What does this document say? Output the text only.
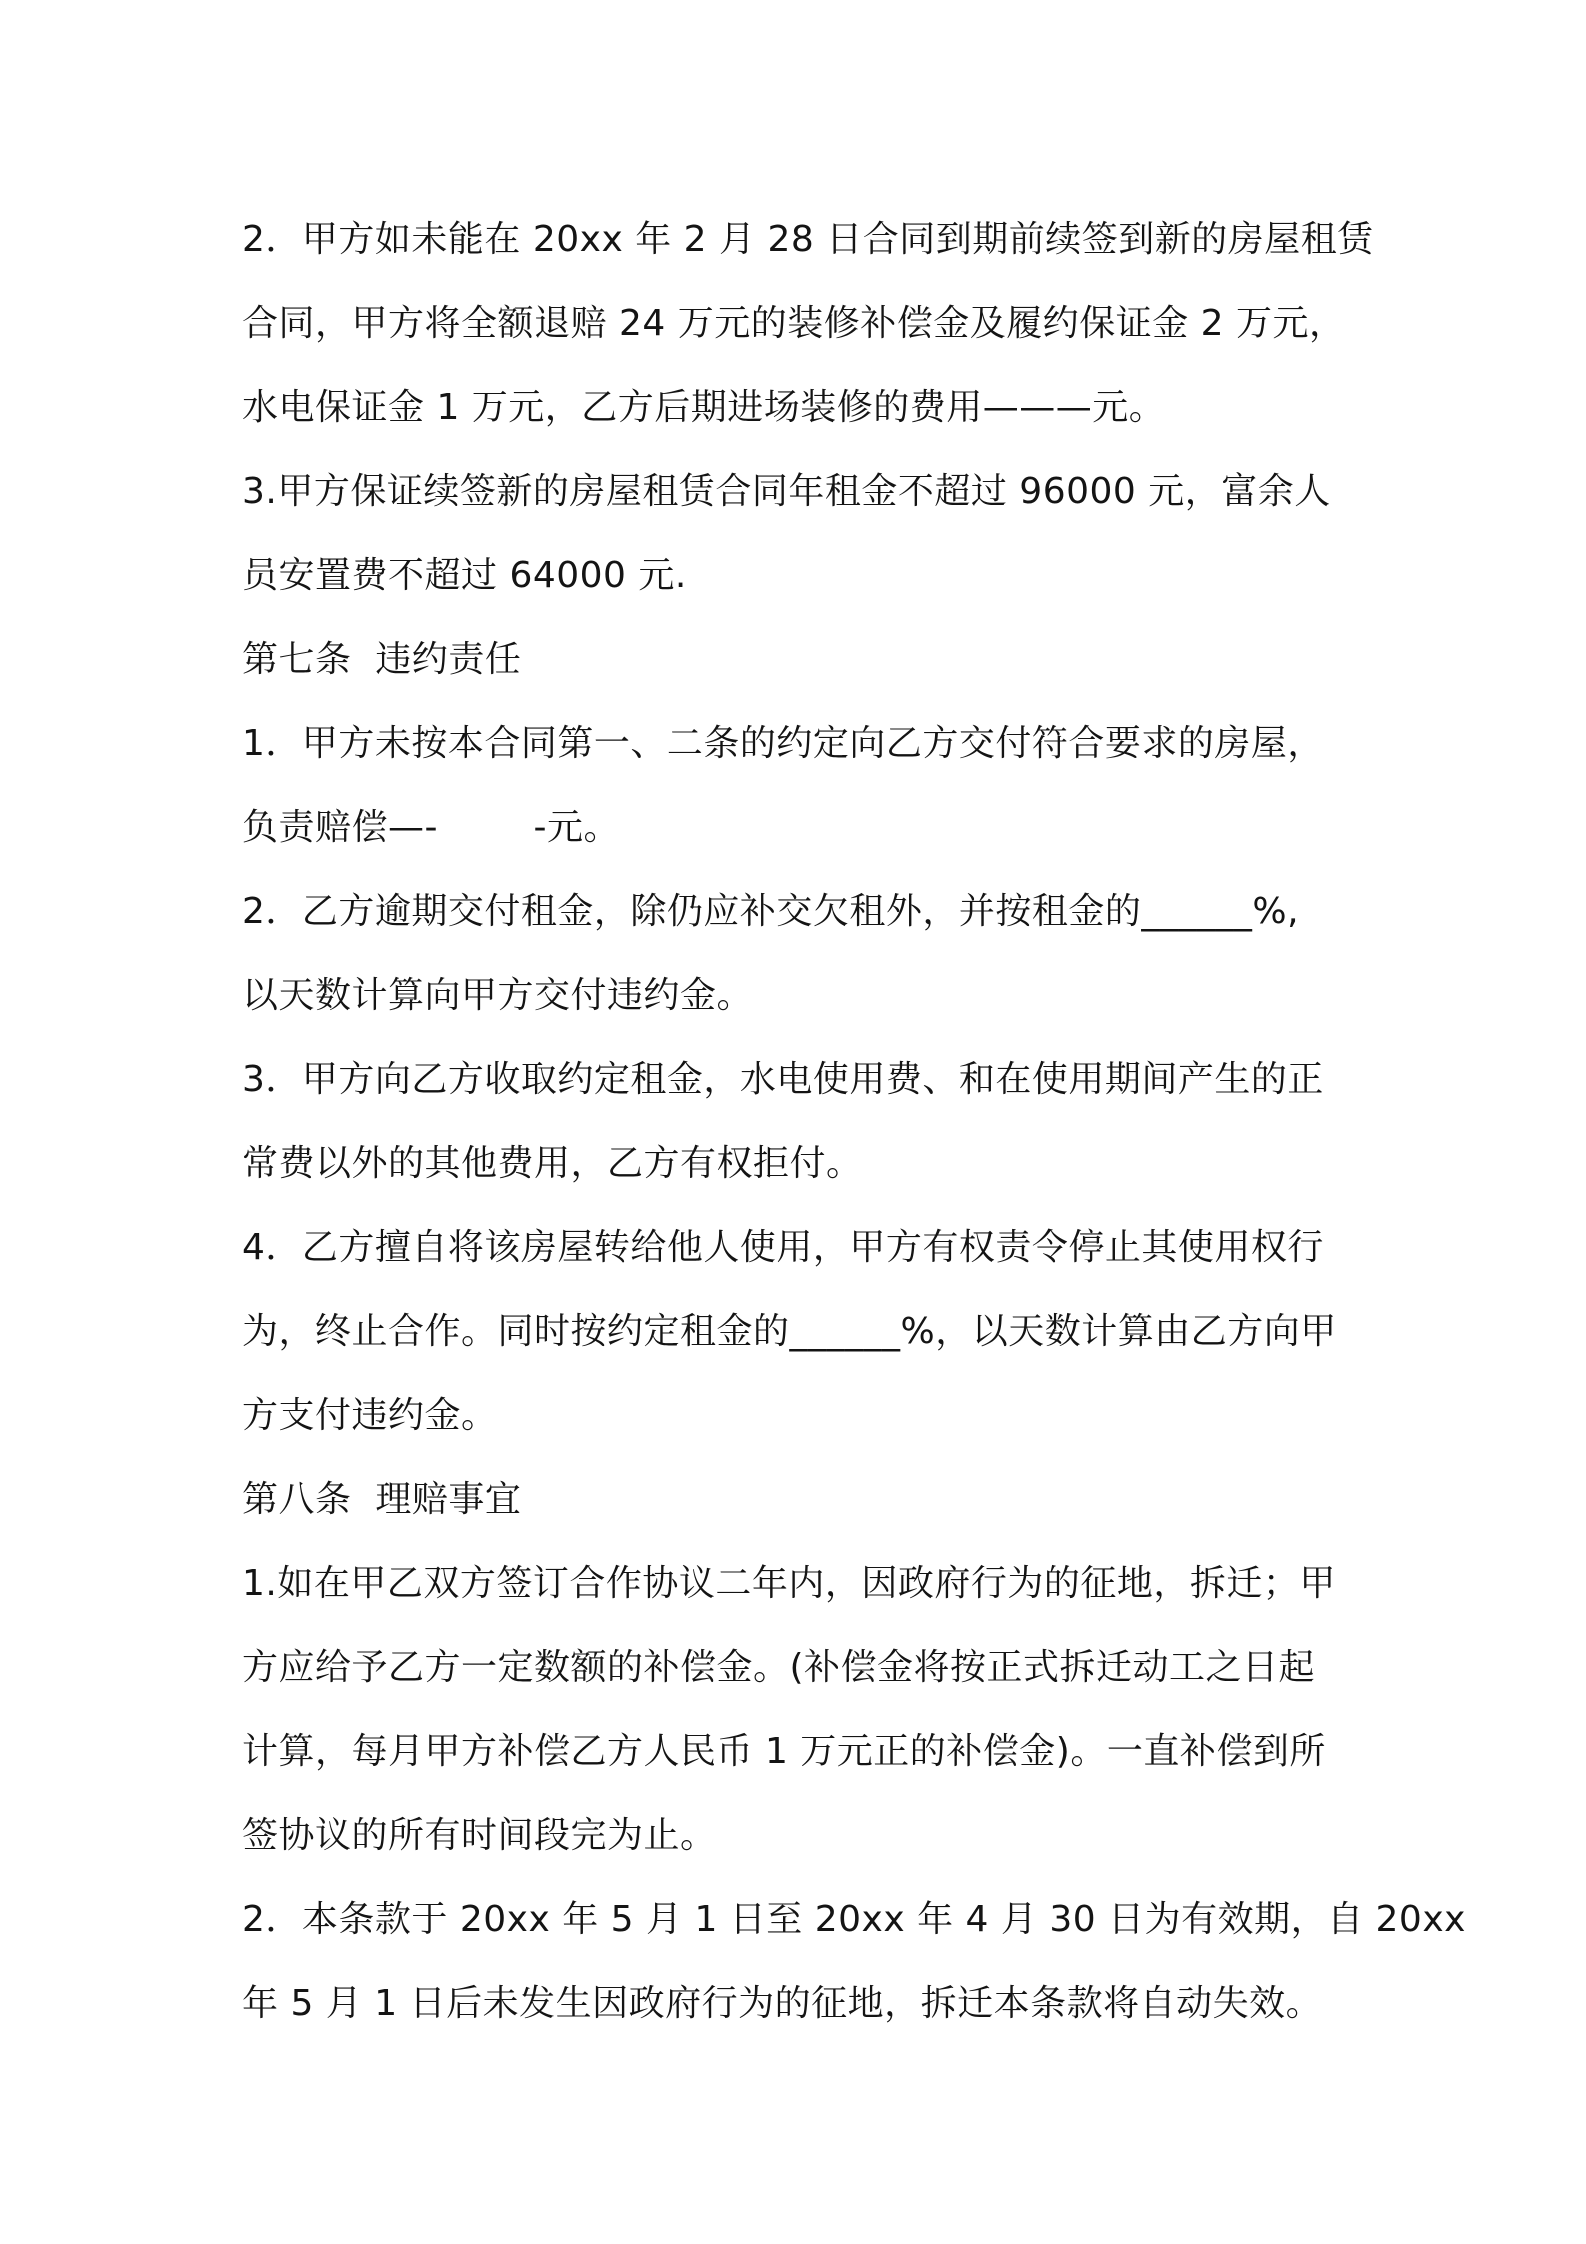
2．甲方如未能在 20xx 年 2 月 28 日合同到期前续签到新的房屋租赁
合同，甲方将全额退赔 24 万元的装修补偿金及履约保证金 2 万元，
水电保证金 1 万元，乙方后期进场装修的费用———元。
3.甲方保证续签新的房屋租赁合同年租金不超过 96000 元，富余人
员安置费不超过 64000 元.
第七条  违约责任
1．甲方未按本合同第一、二条的约定向乙方交付符合要求的房屋，
负责赔偿—-        -元。
2．乙方逾期交付租金，除仍应补交欠租外，并按租金的______%,
以天数计算向甲方交付违约金。
3．甲方向乙方收取约定租金，水电使用费、和在使用期间产生的正
常费以外的其他费用，乙方有权拒付。
4．乙方擅自将该房屋转给他人使用，甲方有权责令停止其使用权行
为，终止合作。同时按约定租金的______%，以天数计算由乙方向甲
方支付违约金。
第八条  理赔事宜
1.如在甲乙双方签订合作协议二年内，因政府行为的征地，拆迁；甲
方应给予乙方一定数额的补偿金。(补偿金将按正式拆迁动工之日起
计算，每月甲方补偿乙方人民币 1 万元正的补偿金)。一直补偿到所
签协议的所有时间段完为止。
2．本条款于 20xx 年 5 月 1 日至 20xx 年 4 月 30 日为有效期，自 20xx
年 5 月 1 日后未发生因政府行为的征地，拆迁本条款将自动失效。
